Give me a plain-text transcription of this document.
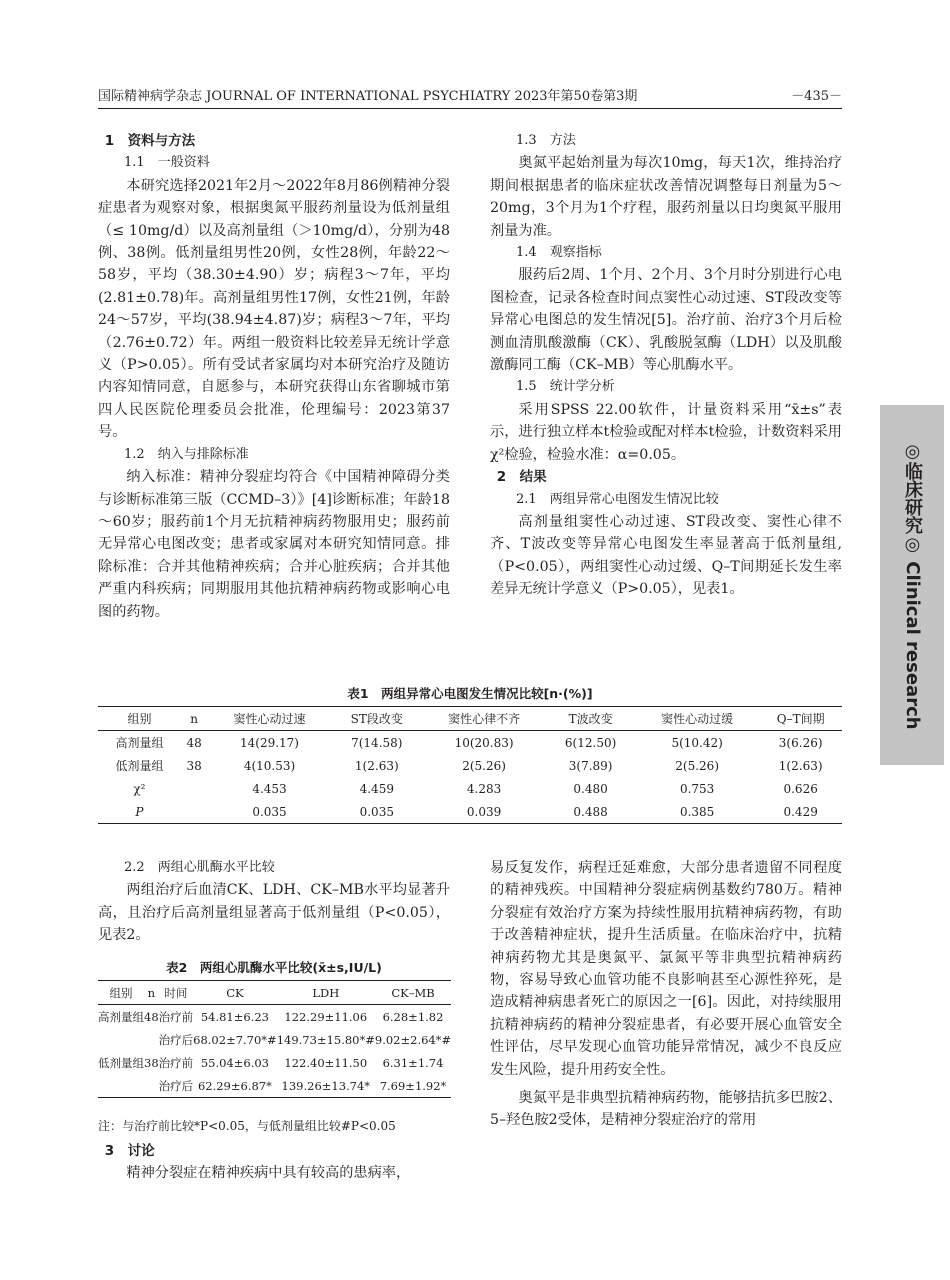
国际精神病学杂志 JOURNAL OF INTERNATIONAL PSYCHIATRY 2023年第50卷第3期	－435－
◎临床研究◎ Clinical research

1　资料与方法

1.1 一般资料

本研究选择2021年2月～2022年8月86例精神分裂症患者为观察对象，根据奥氮平服药剂量设为低剂量组（≤ 10mg/d）以及高剂量组（＞10mg/d），分别为48例、38例。低剂量组男性20例，女性28例，年龄22～58岁，平均（38.30±4.90）岁；病程3～7年，平均(2.81±0.78)年。高剂量组男性17例，女性21例，年龄24～57岁，平均(38.94±4.87)岁；病程3～7年，平均（2.76±0.72）年。两组一般资料比较差异无统计学意义（P>0.05）。所有受试者家属均对本研究治疗及随访内容知情同意，自愿参与，本研究获得山东省聊城市第四人民医院伦理委员会批准，伦理编号：2023第37号。

1.2 纳入与排除标准

纳入标准：精神分裂症均符合《中国精神障碍分类与诊断标准第三版（CCMD–3）》[4]诊断标准；年龄18～60岁；服药前1个月无抗精神病药物服用史；服药前无异常心电图改变；患者或家属对本研究知情同意。排除标准：合并其他精神疾病；合并心脏疾病；合并其他严重内科疾病；同期服用其他抗精神病药物或影响心电图的药物。

1.3 方法

奥氮平起始剂量为每次10mg，每天1次，维持治疗期间根据患者的临床症状改善情况调整每日剂量为5～20mg，3个月为1个疗程，服药剂量以日均奥氮平服用剂量为准。

1.4 观察指标

服药后2周、1个月、2个月、3个月时分别进行心电图检查，记录各检查时间点窦性心动过速、ST段改变等异常心电图总的发生情况[5]。治疗前、治疗3个月后检测血清肌酸激酶（CK）、乳酸脱氢酶（LDH）以及肌酸激酶同工酶（CK–MB）等心肌酶水平。

1.5 统计学分析

采用SPSS 22.00软件，计量资料采用“x̄±s”表示，进行独立样本t检验或配对样本t检验，计数资料采用χ²检验，检验水准：α=0.05。

2　结果

2.1 两组异常心电图发生情况比较

高剂量组窦性心动过速、ST段改变、窦性心律不齐、T波改变等异常心电图发生率显著高于低剂量组,（P<0.05），两组窦性心动过缓、Q–T间期延长发生率差异无统计学意义（P>0.05），见表1。

表1　两组异常心电图发生情况比较[n·(%)]
组别	n	窦性心动过速	ST段改变	窦性心律不齐	T波改变	窦性心动过缓	Q–T间期
高剂量组	48	14(29.17)	7(14.58)	10(20.83)	6(12.50)	5(10.42)	3(6.26)
低剂量组	38	4(10.53)	1(2.63)	2(5.26)	3(7.89)	2(5.26)	1(2.63)
χ²		4.453	4.459	4.283	0.480	0.753	0.626
P		0.035	0.035	0.039	0.488	0.385	0.429

2.2 两组心肌酶水平比较

两组治疗后血清CK、LDH、CK–MB水平均显著升高，且治疗后高剂量组显著高于低剂量组（P<0.05），见表2。

表2　两组心肌酶水平比较(x̄±s,IU/L)
组别	n	时间	CK	LDH	CK–MB
高剂量组	48	治疗前	54.81±6.23	122.29±11.06	6.28±1.82
		治疗后	68.02±7.70*#	149.73±15.80*#	9.02±2.64*#
低剂量组	38	治疗前	55.04±6.03	122.40±11.50	6.31±1.74
		治疗后	62.29±6.87*	139.26±13.74*	7.69±1.92*
注：与治疗前比较*P<0.05，与低剂量组比较#P<0.05

3　讨论

精神分裂症在精神疾病中具有较高的患病率，

易反复发作，病程迁延难愈，大部分患者遗留不同程度的精神残疾。中国精神分裂症病例基数约780万。精神分裂症有效治疗方案为持续性服用抗精神病药物，有助于改善精神症状，提升生活质量。在临床治疗中，抗精神病药物尤其是奥氮平、氯氮平等非典型抗精神病药物，容易导致心血管功能不良影响甚至心源性猝死，是造成精神病患者死亡的原因之一[6]。因此，对持续服用抗精神病药的精神分裂症患者，有必要开展心血管安全性评估，尽早发现心血管功能异常情况，减少不良反应发生风险，提升用药安全性。

奥氮平是非典型抗精神病药物，能够拮抗多巴胺2、5–羟色胺2受体，是精神分裂症治疗的常用
